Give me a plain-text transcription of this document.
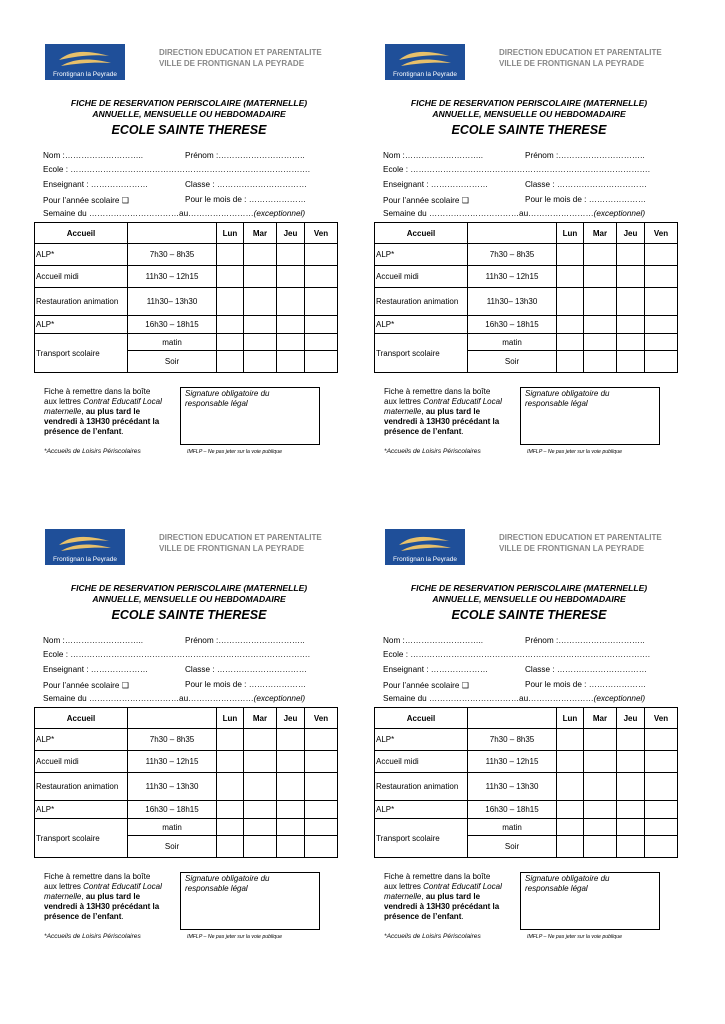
Frontignan la Peyrade
DIRECTION EDUCATION ET PARENTALITE
VILLE DE FRONTIGNAN LA PEYRADE
FICHE DE RESERVATION PERISCOLAIRE (MATERNELLE)
ANNUELLE, MENSUELLE OU HEBDOMADAIRE
ECOLE SAINTE THERESE
Nom :………………………..	Prénom :…………………………..
Ecole : …………………………………………………………………………….
Enseignant : …………………	Classe : ……………………………
Pour l’année scolaire ❑	Pour le mois de : …………………
Semaine du ……………………………au……………………(exceptionnel)
Accueil		Lun	Mar	Jeu	Ven
ALP*	7h30 – 8h35				
Accueil midi	11h30 – 12h15				
Restauration animation	11h30– 13h30				
ALP*	16h30 – 18h15				
Transport scolaire	matin				
	Soir				
Fiche à remettre dans la boîte
aux lettres Contrat Educatif Local
maternelle, au plus tard le
vendredi à 13H30 précédant la
présence de l’enfant.
Signature obligatoire du responsable légal
*Accueils de Loisirs Périscolaires	IMFLP – Ne pas jeter sur la voie publique
Frontignan la Peyrade
DIRECTION EDUCATION ET PARENTALITE
VILLE DE FRONTIGNAN LA PEYRADE
FICHE DE RESERVATION PERISCOLAIRE (MATERNELLE)
ANNUELLE, MENSUELLE OU HEBDOMADAIRE
ECOLE SAINTE THERESE
Nom :………………………..	Prénom :…………………………..
Ecole : …………………………………………………………………………….
Enseignant : …………………	Classe : ……………………………
Pour l’année scolaire ❑	Pour le mois de : …………………
Semaine du ……………………………au……………………(exceptionnel)
Accueil		Lun	Mar	Jeu	Ven
ALP*	7h30 – 8h35				
Accueil midi	11h30 – 12h15				
Restauration animation	11h30– 13h30				
ALP*	16h30 – 18h15				
Transport scolaire	matin				
	Soir				
Fiche à remettre dans la boîte
aux lettres Contrat Educatif Local
maternelle, au plus tard le
vendredi à 13H30 précédant la
présence de l’enfant.
Signature obligatoire du responsable légal
*Accueils de Loisirs Périscolaires	IMFLP – Ne pas jeter sur la voie publique
Frontignan la Peyrade
DIRECTION EDUCATION ET PARENTALITE
VILLE DE FRONTIGNAN LA PEYRADE
FICHE DE RESERVATION PERISCOLAIRE (MATERNELLE)
ANNUELLE, MENSUELLE OU HEBDOMADAIRE
ECOLE SAINTE THERESE
Nom :………………………..	Prénom :…………………………..
Ecole : …………………………………………………………………………….
Enseignant : …………………	Classe : ……………………………
Pour l’année scolaire ❑	Pour le mois de : …………………
Semaine du ……………………………au……………………(exceptionnel)
Accueil		Lun	Mar	Jeu	Ven
ALP*	7h30 – 8h35				
Accueil midi	11h30 – 12h15				
Restauration animation	11h30 – 13h30				
ALP*	16h30 – 18h15				
Transport scolaire	matin				
	Soir				
Fiche à remettre dans la boîte
aux lettres Contrat Educatif Local
maternelle, au plus tard le
vendredi à 13H30 précédant la
présence de l’enfant.
Signature obligatoire du responsable légal
*Accueils de Loisirs Périscolaires	IMFLP – Ne pas jeter sur la voie publique
Frontignan la Peyrade
DIRECTION EDUCATION ET PARENTALITE
VILLE DE FRONTIGNAN LA PEYRADE
FICHE DE RESERVATION PERISCOLAIRE (MATERNELLE)
ANNUELLE, MENSUELLE OU HEBDOMADAIRE
ECOLE SAINTE THERESE
Nom :………………………..	Prénom :…………………………..
Ecole : …………………………………………………………………………….
Enseignant : …………………	Classe : ……………………………
Pour l’année scolaire ❑	Pour le mois de : …………………
Semaine du ……………………………au……………………(exceptionnel)
Accueil		Lun	Mar	Jeu	Ven
ALP*	7h30 – 8h35				
Accueil midi	11h30 – 12h15				
Restauration animation	11h30 – 13h30				
ALP*	16h30 – 18h15				
Transport scolaire	matin				
	Soir				
Fiche à remettre dans la boîte
aux lettres Contrat Educatif Local
maternelle, au plus tard le
vendredi à 13H30 précédant la
présence de l’enfant.
Signature obligatoire du responsable légal
*Accueils de Loisirs Périscolaires	IMFLP – Ne pas jeter sur la voie publique
